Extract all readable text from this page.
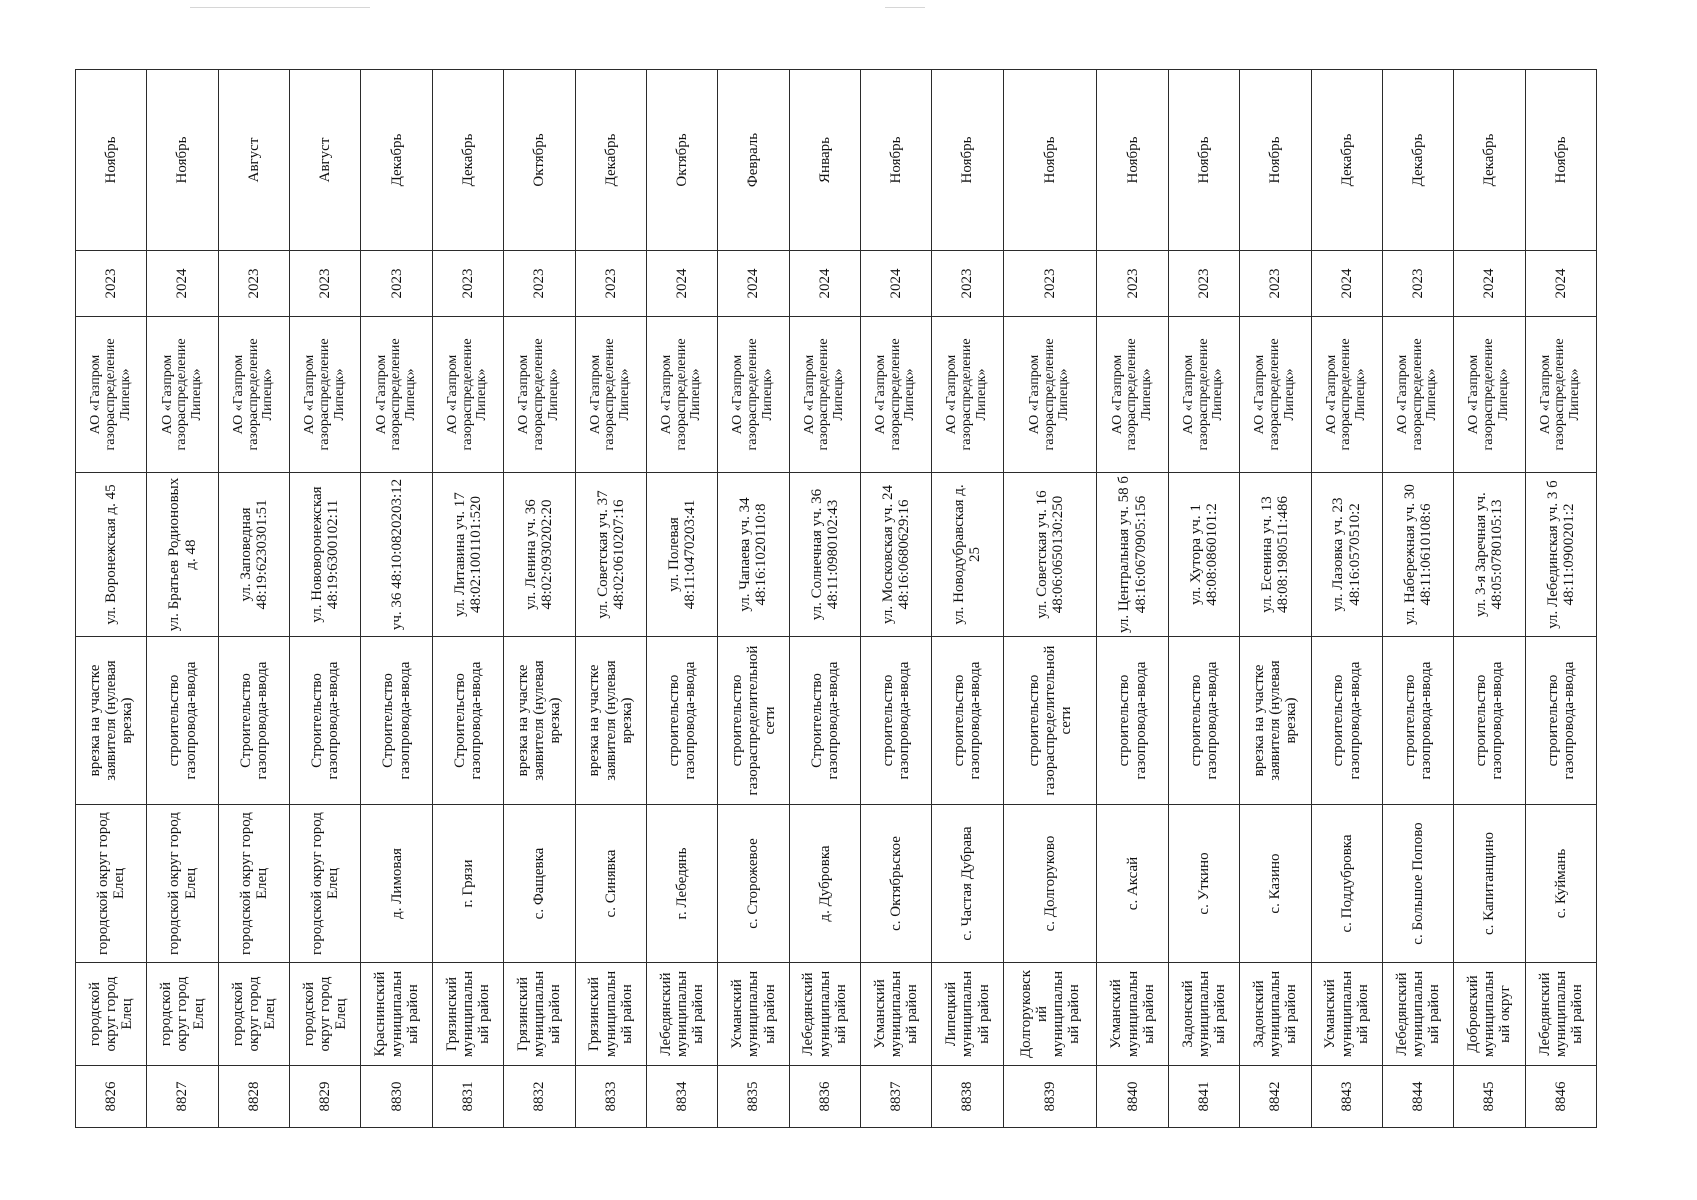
8826	городской округ город Елец	городской округ город Елец	врезка на участке заявителя (нулевая врезка)	ул. Воронежская д. 45	АО «Газпром газораспределение Липецк»	2023	Ноябрь
8827	городской округ город Елец	городской округ город Елец	строительство газопровода-ввода	ул. Братьев Родионовых д. 48	АО «Газпром газораспределение Липецк»	2024	Ноябрь
8828	городской округ город Елец	городской округ город Елец	Строительство газопровода-ввода	ул. Заповедная 48:19:6230301:51	АО «Газпром газораспределение Липецк»	2023	Август
8829	городской округ город Елец	городской округ город Елец	Строительство газопровода-ввода	ул. Нововоронежская 48:19:6300102:11	АО «Газпром газораспределение Липецк»	2023	Август
8830	Краснинский муниципальный район	д. Лимовая	Строительство газопровода-ввода	уч. 36 48:10:0820203:12	АО «Газпром газораспределение Липецк»	2023	Декабрь
8831	Грязинский муниципальный район	г. Грязи	Строительство газопровода-ввода	ул. Литавина уч. 17 48:02:1001101:520	АО «Газпром газораспределение Липецк»	2023	Декабрь
8832	Грязинский муниципальный район	с. Фащевка	врезка на участке заявителя (нулевая врезка)	ул. Ленина уч. 36 48:02:0930202:20	АО «Газпром газораспределение Липецк»	2023	Октябрь
8833	Грязинский муниципальный район	с. Синявка	врезка на участке заявителя (нулевая врезка)	ул. Советская уч. 37 48:02:0610207:16	АО «Газпром газораспределение Липецк»	2023	Декабрь
8834	Лебедянский муниципальный район	г. Лебедянь	строительство газопровода-ввода	ул. Полевая 48:11:0470203:41	АО «Газпром газораспределение Липецк»	2024	Октябрь
8835	Усманский муниципальный район	с. Сторожевое	строительство газораспределительной сети	ул. Чапаева уч. 34 48:16:1020110:8	АО «Газпром газораспределение Липецк»	2024	Февраль
8836	Лебедянский муниципальный район	д. Дубровка	Строительство газопровода-ввода	ул. Солнечная уч. 36 48:11:0980102:43	АО «Газпром газораспределение Липецк»	2024	Январь
8837	Усманский муниципальный район	с. Октябрьское	строительство газопровода-ввода	ул. Московская уч. 24 48:16:0680629:16	АО «Газпром газораспределение Липецк»	2024	Ноябрь
8838	Липецкий муниципальный район	с. Частая Дубрава	строительство газопровода-ввода	ул. Новодубравская д. 25	АО «Газпром газораспределение Липецк»	2023	Ноябрь
8839	Долгоруковский муниципальный район	с. Долгоруково	строительство газораспределительной сети	ул. Советская уч. 16 48:06:0650130:250	АО «Газпром газораспределение Липецк»	2023	Ноябрь
8840	Усманский муниципальный район	с. Аксай	строительство газопровода-ввода	ул. Центральная уч. 58 б 48:16:0670905:156	АО «Газпром газораспределение Липецк»	2023	Ноябрь
8841	Задонский муниципальный район	с. Уткино	строительство газопровода-ввода	ул. Хутора уч. 1 48:08:0860101:2	АО «Газпром газораспределение Липецк»	2023	Ноябрь
8842	Задонский муниципальный район	с. Казино	врезка на участке заявителя (нулевая врезка)	ул. Есенина уч. 13 48:08:1980511:486	АО «Газпром газораспределение Липецк»	2023	Ноябрь
8843	Усманский муниципальный район	с. Поддубровка	строительство газопровода-ввода	ул. Лазовка уч. 23 48:16:0570510:2	АО «Газпром газораспределение Липецк»	2024	Декабрь
8844	Лебедянский муниципальный район	с. Большое Попово	строительство газопровода-ввода	ул. Набережная уч. 30 48:11:0610108:6	АО «Газпром газораспределение Липецк»	2023	Декабрь
8845	Добровский муниципальный округ	с. Капитанщино	строительство газопровода-ввода	ул. 3-я Заречная уч. 48:05:0780105:13	АО «Газпром газораспределение Липецк»	2024	Декабрь
8846	Лебедянский муниципальный район	с. Куймань	строительство газопровода-ввода	ул. Лебединская уч. 3 б 48:11:0900201:2	АО «Газпром газораспределение Липецк»	2024	Ноябрь
